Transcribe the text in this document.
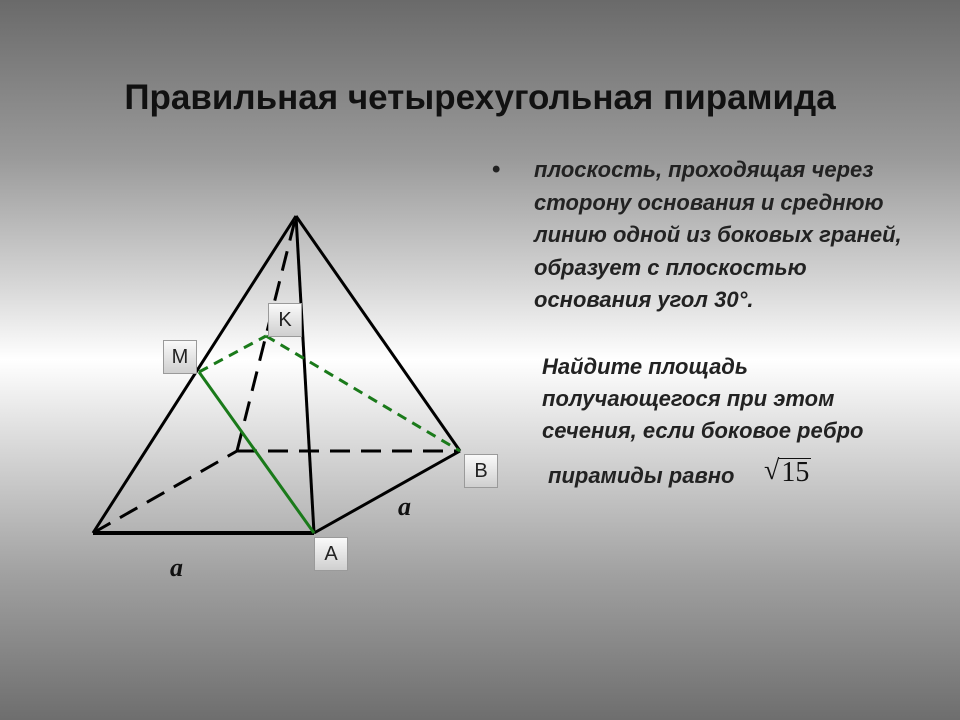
Правильная четырехугольная пирамида
M
K
B
A
a
a
•	плоскость, проходящая через сторону основания и среднюю линию одной из боковых граней, образует с плоскостью основания угол 30°.

Найдите площадь получающегося при этом сечения, если боковое ребро

пирамиды равно √ 15
